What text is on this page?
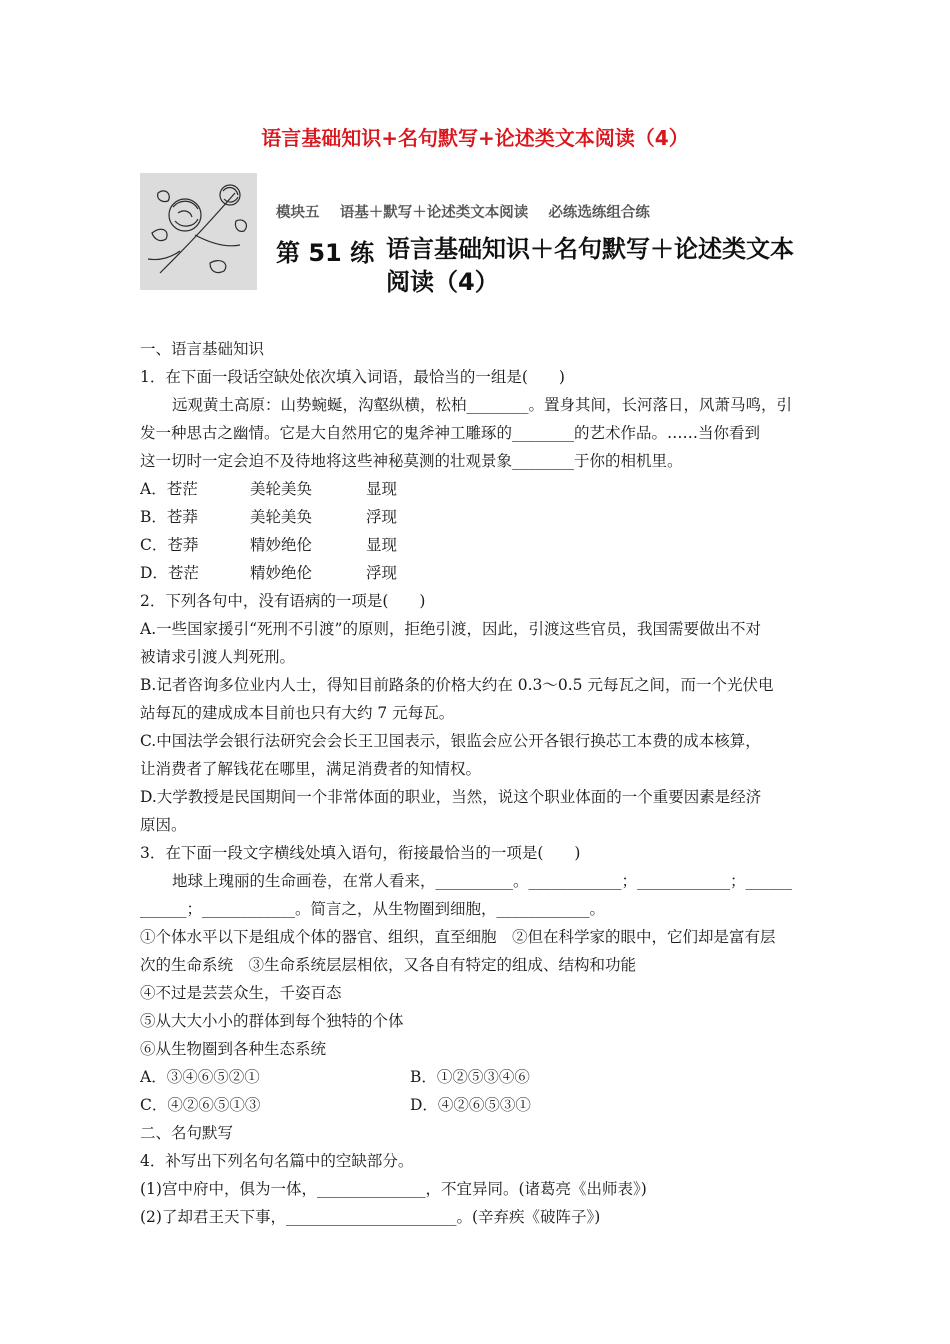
语言基础知识+名句默写+论述类文本阅读（4）
模块五    语基＋默写＋论述类文本阅读    必练选练组合练
第 51 练 语言基础知识＋名句默写＋论述类文本
阅读（4）
一、语言基础知识
1．在下面一段话空缺处依次填入词语，最恰当的一组是(　　)
远观黄土高原：山势蜿蜒，沟壑纵横，松柏________。置身其间，长河落日，风萧马鸣，引
发一种思古之幽情。它是大自然用它的鬼斧神工雕琢的________的艺术作品。……当你看到
这一切时一定会迫不及待地将这些神秘莫测的壮观景象________于你的相机里。
A．苍茫	美轮美奂	显现
B．苍莽	美轮美奂	浮现
C．苍莽	精妙绝伦	显现
D．苍茫	精妙绝伦	浮现
2．下列各句中，没有语病的一项是(　　)
A.一些国家援引“死刑不引渡”的原则，拒绝引渡，因此，引渡这些官员，我国需要做出不对
被请求引渡人判死刑。
B.记者咨询多位业内人士，得知目前路条的价格大约在 0.3～0.5 元每瓦之间，而一个光伏电
站每瓦的建成成本目前也只有大约 7 元每瓦。
C.中国法学会银行法研究会会长王卫国表示，银监会应公开各银行换芯工本费的成本核算，
让消费者了解钱花在哪里，满足消费者的知情权。
D.大学教授是民国期间一个非常体面的职业，当然，说这个职业体面的一个重要因素是经济
原因。
3．在下面一段文字横线处填入语句，衔接最恰当的一项是(　　)
地球上瑰丽的生命画卷，在常人看来，__________。____________；____________；______
______；____________。简言之，从生物圈到细胞，____________。
①个体水平以下是组成个体的器官、组织，直至细胞　②但在科学家的眼中，它们却是富有层
次的生命系统　③生命系统层层相依，又各自有特定的组成、结构和功能
④不过是芸芸众生，千姿百态
⑤从大大小小的群体到每个独特的个体
⑥从生物圈到各种生态系统
A．③④⑥⑤②①	B．①②⑤③④⑥
C．④②⑥⑤①③	D．④②⑥⑤③①
二、名句默写
4．补写出下列名句名篇中的空缺部分。
(1)宫中府中，俱为一体，______________，不宜异同。(诸葛亮《出师表》)
(2)了却君王天下事，______________________。(辛弃疾《破阵子》)
